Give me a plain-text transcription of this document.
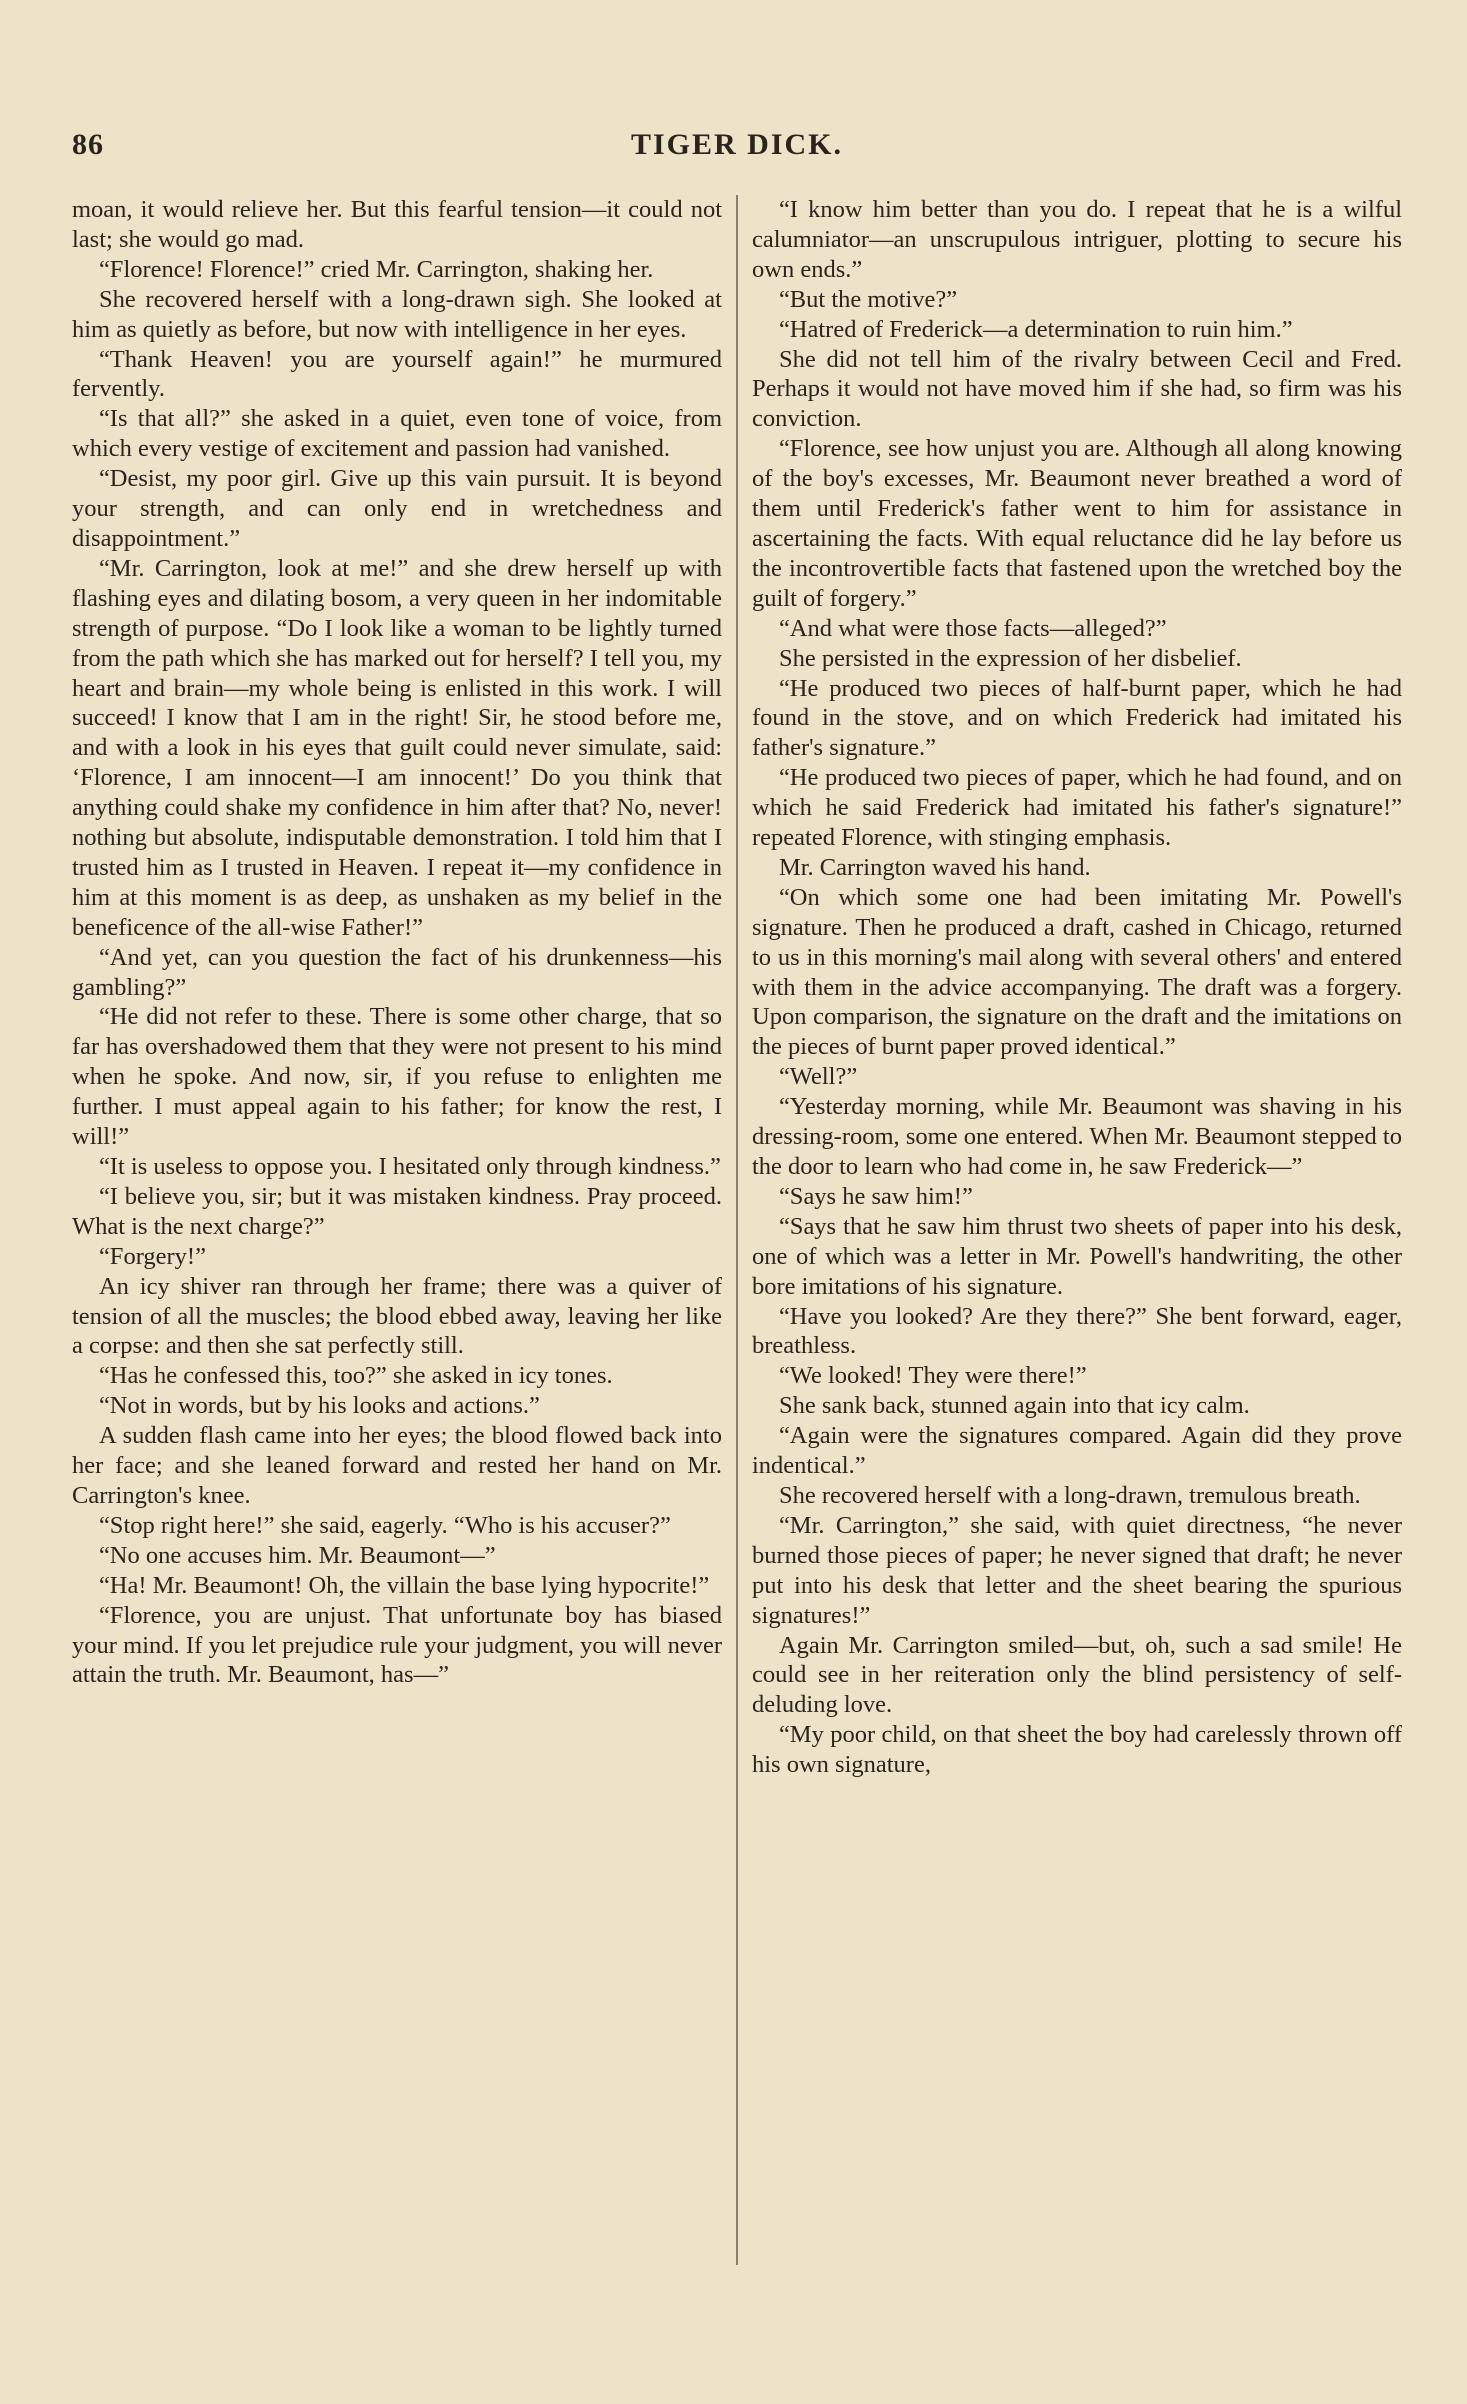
86	TIGER DICK.

moan, it would relieve her. But this fearful tension—it could not last; she would go mad.

“Florence! Florence!” cried Mr. Carrington, shaking her.

She recovered herself with a long-drawn sigh. She looked at him as quietly as before, but now with intelligence in her eyes.

“Thank Heaven! you are yourself again!” he murmured fervently.

“Is that all?” she asked in a quiet, even tone of voice, from which every vestige of excitement and passion had vanished.

“Desist, my poor girl. Give up this vain pursuit. It is beyond your strength, and can only end in wretchedness and disappointment.”

“Mr. Carrington, look at me!” and she drew herself up with flashing eyes and dilating bosom, a very queen in her indomitable strength of purpose. “Do I look like a woman to be lightly turned from the path which she has marked out for herself? I tell you, my heart and brain—my whole being is enlisted in this work. I will succeed! I know that I am in the right! Sir, he stood before me, and with a look in his eyes that guilt could never simulate, said: ‘Florence, I am innocent—I am innocent!’ Do you think that anything could shake my confidence in him after that? No, never! nothing but absolute, indisputable demonstration. I told him that I trusted him as I trusted in Heaven. I repeat it—my confidence in him at this moment is as deep, as unshaken as my belief in the beneficence of the all-wise Father!”

“And yet, can you question the fact of his drunkenness—his gambling?”

“He did not refer to these. There is some other charge, that so far has overshadowed them that they were not present to his mind when he spoke. And now, sir, if you refuse to enlighten me further. I must appeal again to his father; for know the rest, I will!”

“It is useless to oppose you. I hesitated only through kindness.”

“I believe you, sir; but it was mistaken kindness. Pray proceed. What is the next charge?”

“Forgery!”

An icy shiver ran through her frame; there was a quiver of tension of all the muscles; the blood ebbed away, leaving her like a corpse: and then she sat perfectly still.

“Has he confessed this, too?” she asked in icy tones.

“Not in words, but by his looks and actions.”

A sudden flash came into her eyes; the blood flowed back into her face; and she leaned forward and rested her hand on Mr. Carrington's knee.

“Stop right here!” she said, eagerly. “Who is his accuser?”

“No one accuses him. Mr. Beaumont—”

“Ha! Mr. Beaumont! Oh, the villain the base lying hypocrite!”

“Florence, you are unjust. That unfortunate boy has biased your mind. If you let prejudice rule your judgment, you will never attain the truth. Mr. Beaumont, has—”

“I know him better than you do. I repeat that he is a wilful calumniator—an unscrupulous intriguer, plotting to secure his own ends.”

“But the motive?”

“Hatred of Frederick—a determination to ruin him.”

She did not tell him of the rivalry between Cecil and Fred. Perhaps it would not have moved him if she had, so firm was his conviction.

“Florence, see how unjust you are. Although all along knowing of the boy's excesses, Mr. Beaumont never breathed a word of them until Frederick's father went to him for assistance in ascertaining the facts. With equal reluctance did he lay before us the incontrovertible facts that fastened upon the wretched boy the guilt of forgery.”

“And what were those facts—alleged?”

She persisted in the expression of her disbelief.

“He produced two pieces of half-burnt paper, which he had found in the stove, and on which Frederick had imitated his father's signature.”

“He produced two pieces of paper, which he had found, and on which he said Frederick had imitated his father's signature!” repeated Florence, with stinging emphasis.

Mr. Carrington waved his hand.

“On which some one had been imitating Mr. Powell's signature. Then he produced a draft, cashed in Chicago, returned to us in this morning's mail along with several others' and entered with them in the advice accompanying. The draft was a forgery. Upon comparison, the signature on the draft and the imitations on the pieces of burnt paper proved identical.”

“Well?”

“Yesterday morning, while Mr. Beaumont was shaving in his dressing-room, some one entered. When Mr. Beaumont stepped to the door to learn who had come in, he saw Frederick—”

“Says he saw him!”

“Says that he saw him thrust two sheets of paper into his desk, one of which was a letter in Mr. Powell's handwriting, the other bore imitations of his signature.

“Have you looked? Are they there?” She bent forward, eager, breathless.

“We looked! They were there!”

She sank back, stunned again into that icy calm.

“Again were the signatures compared. Again did they prove indentical.”

She recovered herself with a long-drawn, tremulous breath.

“Mr. Carrington,” she said, with quiet directness, “he never burned those pieces of paper; he never signed that draft; he never put into his desk that letter and the sheet bearing the spurious signatures!”

Again Mr. Carrington smiled—but, oh, such a sad smile! He could see in her reiteration only the blind persistency of self-deluding love.

“My poor child, on that sheet the boy had carelessly thrown off his own signature,
